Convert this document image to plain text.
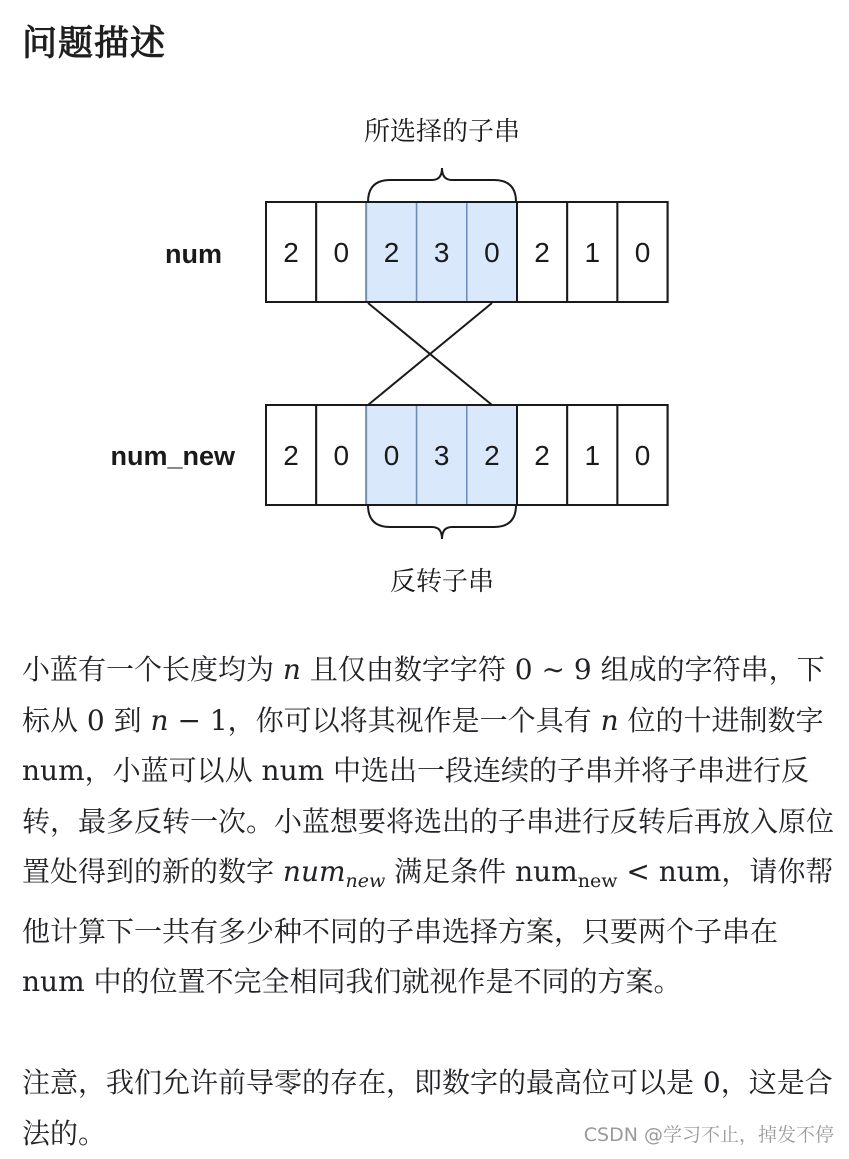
问题描述
所选择的子串
num
num_new
2 0 2 3 0 2 1 0
2 0 0 3 2 2 1 0
反转子串

小蓝有一个长度均为 n 且仅由数字字符 0 ∼ 9 组成的字符串，下标从 0 到 n − 1，你可以将其视作是一个具有 n 位的十进制数字 num，小蓝可以从 num 中选出一段连续的子串并将子串进行反转，最多反转一次。小蓝想要将选出的子串进行反转后再放入原位置处得到的新的数字 num$_{new}$ 满足条件 num$_{new}$ < num，请你帮他计算下一共有多少种不同的子串选择方案，只要两个子串在 num 中的位置不完全相同我们就视作是不同的方案。

注意，我们允许前导零的存在，即数字的最高位可以是 0，这是合法的。	CSDN @学习不止，掉发不停
